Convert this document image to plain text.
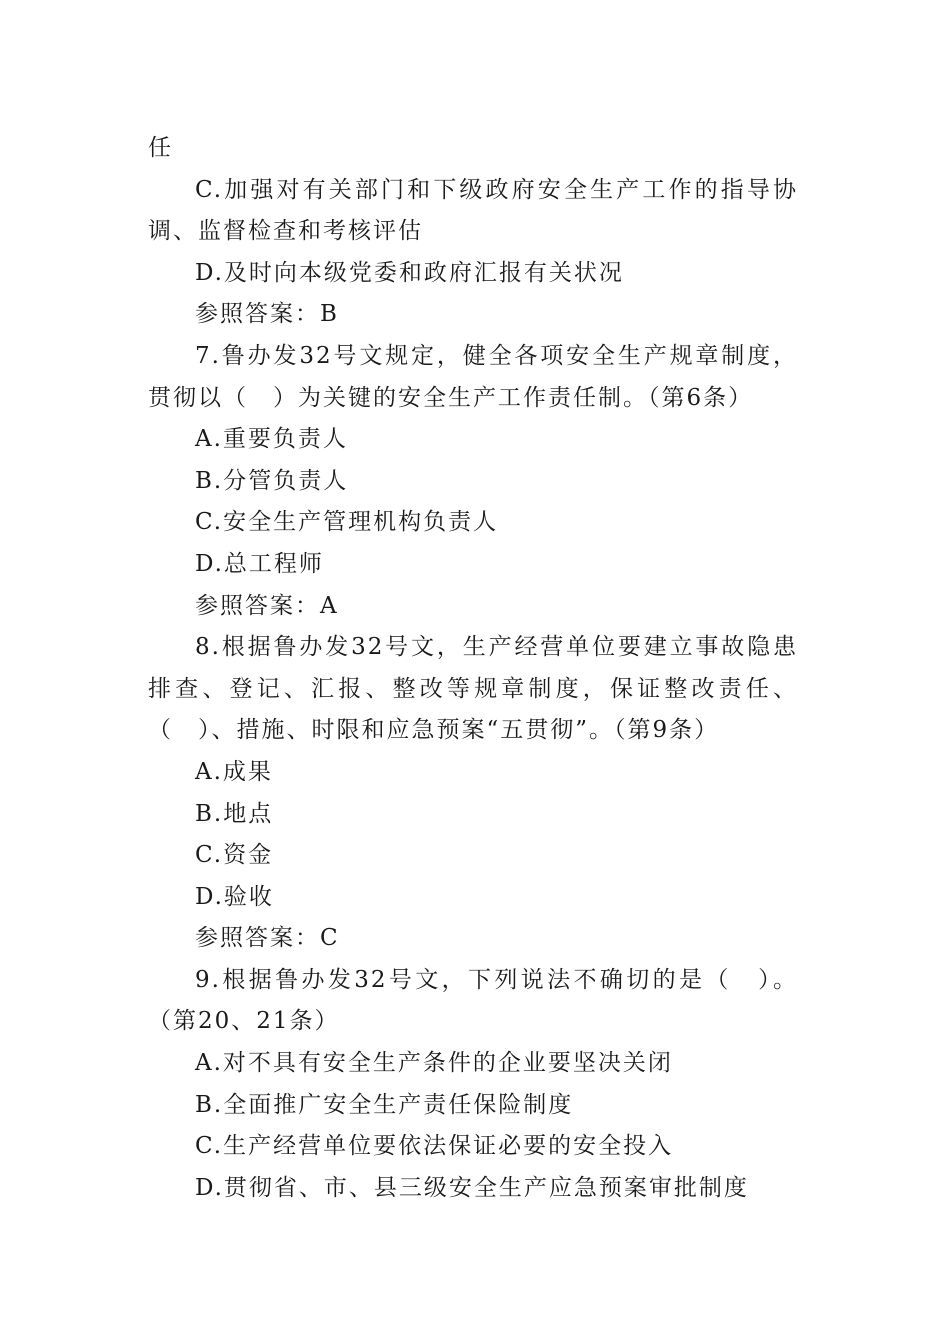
任

C.加强对有关部门和下级政府安全生产工作的指导协调、监督检查和考核评估

D.及时向本级党委和政府汇报有关状况

参照答案：B

7.鲁办发32号文规定，健全各项安全生产规章制度，贯彻以（　）为关键的安全生产工作责任制。（第6条）

A.重要负责人

B.分管负责人

C.安全生产管理机构负责人

D.总工程师

参照答案：A

8.根据鲁办发32号文，生产经营单位要建立事故隐患排查、登记、汇报、整改等规章制度，保证整改责任、（　）、措施、时限和应急预案“五贯彻”。（第9条）

A.成果

B.地点

C.资金

D.验收

参照答案：C

9.根据鲁办发32号文，下列说法不确切的是（　）。（第20、21条）

A.对不具有安全生产条件的企业要坚决关闭

B.全面推广安全生产责任保险制度

C.生产经营单位要依法保证必要的安全投入

D.贯彻省、市、县三级安全生产应急预案审批制度
